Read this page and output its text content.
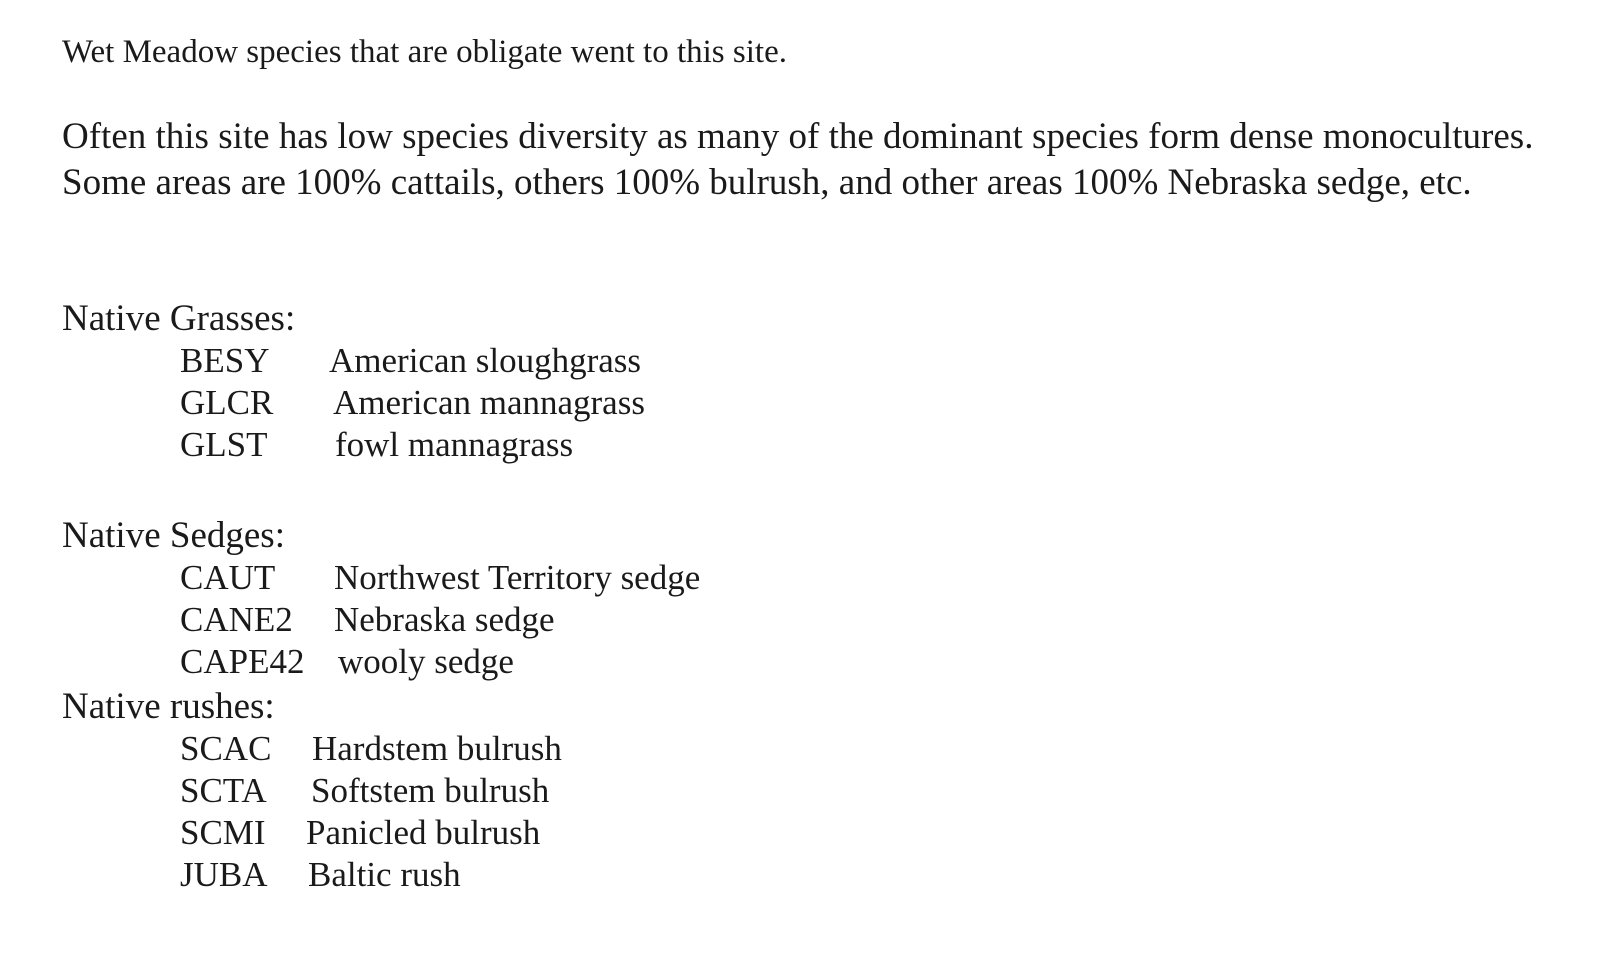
Wet Meadow species that are obligate went to this site.

Often this site has low species diversity as many of the dominant species form dense monocultures. Some areas are 100% cattails, others 100% bulrush, and other areas 100% Nebraska sedge, etc.

Native Grasses:
BESY American sloughgrass
GLCR American mannagrass
GLST fowl mannagrass
Native Sedges:
CAUT Northwest Territory sedge
CANE2 Nebraska sedge
CAPE42 wooly sedge
Native rushes:
SCAC Hardstem bulrush
SCTA Softstem bulrush
SCMI Panicled bulrush
JUBA Baltic rush
